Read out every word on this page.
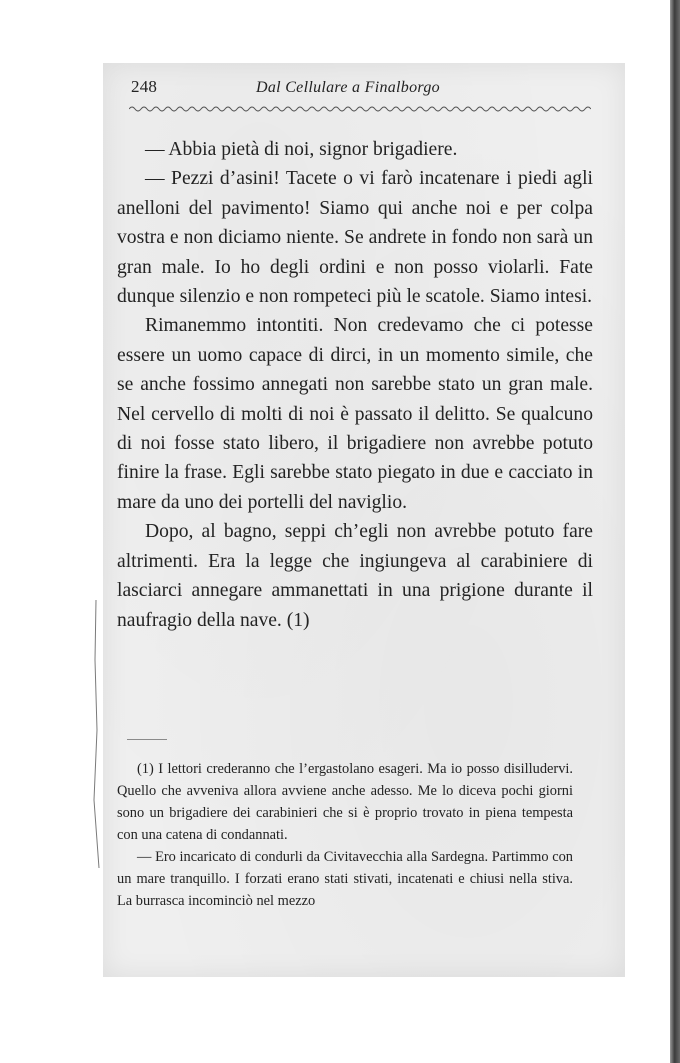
248	Dal Cellulare a Finalborgo

— Abbia pietà di noi, signor brigadiere.

— Pezzi d’asini! Tacete o vi farò incatenare i piedi agli anelloni del pavimento! Siamo qui anche noi e per colpa vostra e non diciamo niente. Se andrete in fondo non sarà un gran male. Io ho degli ordini e non posso violarli. Fate dunque silenzio e non rompeteci più le scatole. Siamo intesi.

Rimanemmo intontiti. Non credevamo che ci potesse essere un uomo capace di dirci, in un momento simile, che se anche fossimo annegati non sarebbe stato un gran male. Nel cervello di molti di noi è passato il delitto. Se qualcuno di noi fosse stato libero, il brigadiere non avrebbe potuto finire la frase. Egli sarebbe stato piegato in due e cacciato in mare da uno dei portelli del naviglio.

Dopo, al bagno, seppi ch’egli non avrebbe potuto fare altrimenti. Era la legge che ingiungeva al carabiniere di lasciarci annegare ammanettati in una prigione durante il naufragio della nave. (1)

(1) I lettori crederanno che l’ergastolano esageri. Ma io posso disilludervi. Quello che avveniva allora avviene anche adesso. Me lo diceva pochi giorni sono un brigadiere dei carabinieri che si è proprio trovato in piena tempesta con una catena di condannati.

— Ero incaricato di condurli da Civitavecchia alla Sardegna. Partimmo con un mare tranquillo. I forzati erano stati stivati, incatenati e chiusi nella stiva. La burrasca incominciò nel mezzo
